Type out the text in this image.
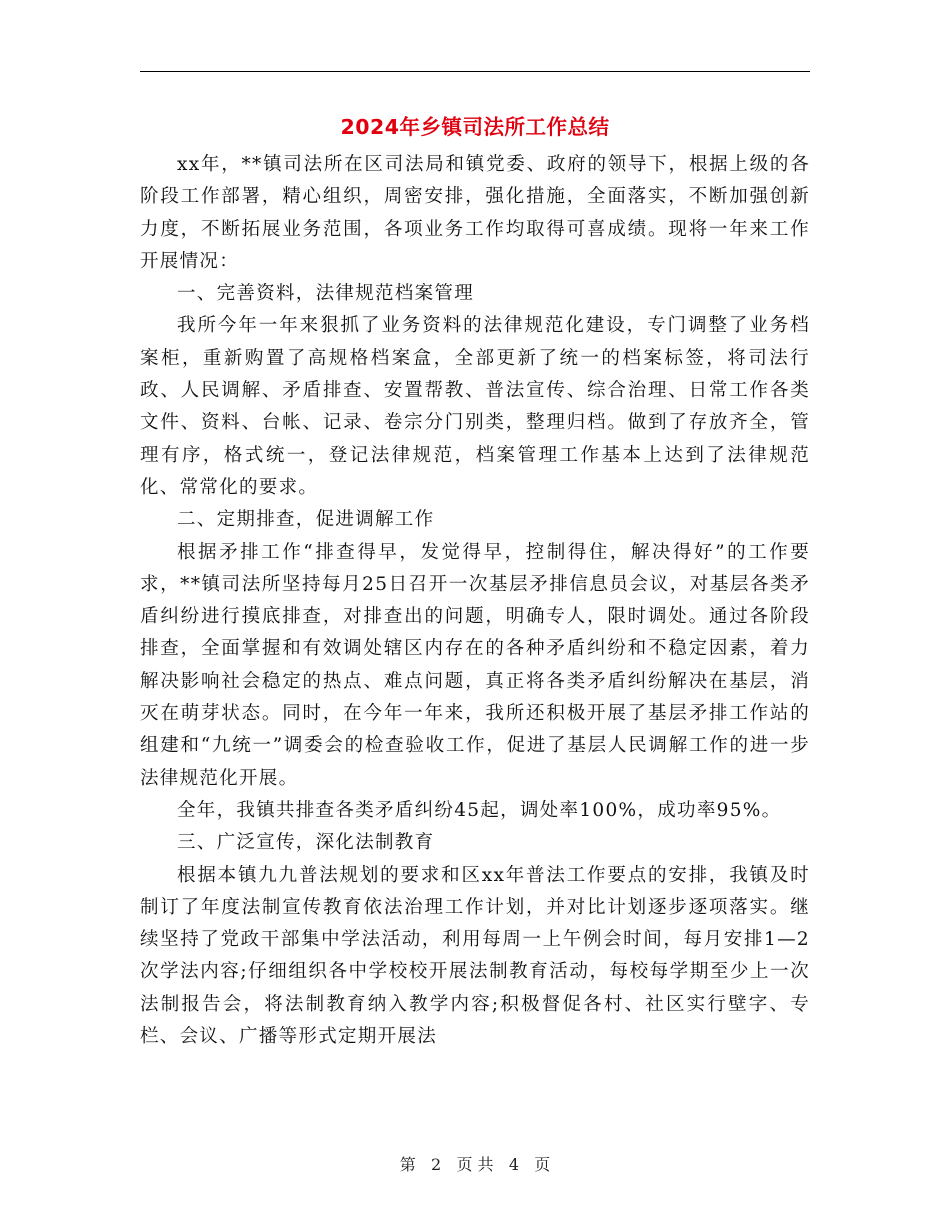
2024年乡镇司法所工作总结

xx年，**镇司法所在区司法局和镇党委、政府的领导下，根据上级的各阶段工作部署，精心组织，周密安排，强化措施，全面落实，不断加强创新力度，不断拓展业务范围，各项业务工作均取得可喜成绩。现将一年来工作开展情况：

一、完善资料，法律规范档案管理

我所今年一年来狠抓了业务资料的法律规范化建设，专门调整了业务档案柜，重新购置了高规格档案盒，全部更新了统一的档案标签，将司法行政、人民调解、矛盾排查、安置帮教、普法宣传、综合治理、日常工作各类文件、资料、台帐、记录、卷宗分门别类，整理归档。做到了存放齐全，管理有序，格式统一，登记法律规范，档案管理工作基本上达到了法律规范化、常常化的要求。

二、定期排查，促进调解工作

根据矛排工作“排查得早，发觉得早，控制得住，解决得好”的工作要求，**镇司法所坚持每月25日召开一次基层矛排信息员会议，对基层各类矛盾纠纷进行摸底排查，对排查出的问题，明确专人，限时调处。通过各阶段排查，全面掌握和有效调处辖区内存在的各种矛盾纠纷和不稳定因素，着力解决影响社会稳定的热点、难点问题，真正将各类矛盾纠纷解决在基层，消灭在萌芽状态。同时，在今年一年来，我所还积极开展了基层矛排工作站的组建和“九统一”调委会的检查验收工作，促进了基层人民调解工作的进一步法律规范化开展。

全年，我镇共排查各类矛盾纠纷45起，调处率100%，成功率95%。

三、广泛宣传，深化法制教育

根据本镇九九普法规划的要求和区xx年普法工作要点的安排，我镇及时制订了年度法制宣传教育依法治理工作计划，并对比计划逐步逐项落实。继续坚持了党政干部集中学法活动，利用每周一上午例会时间，每月安排1—2次学法内容;仔细组织各中学校校开展法制教育活动，每校每学期至少上一次法制报告会，将法制教育纳入教学内容;积极督促各村、社区实行壁字、专栏、会议、广播等形式定期开展法

第 2 页 共 4 页
